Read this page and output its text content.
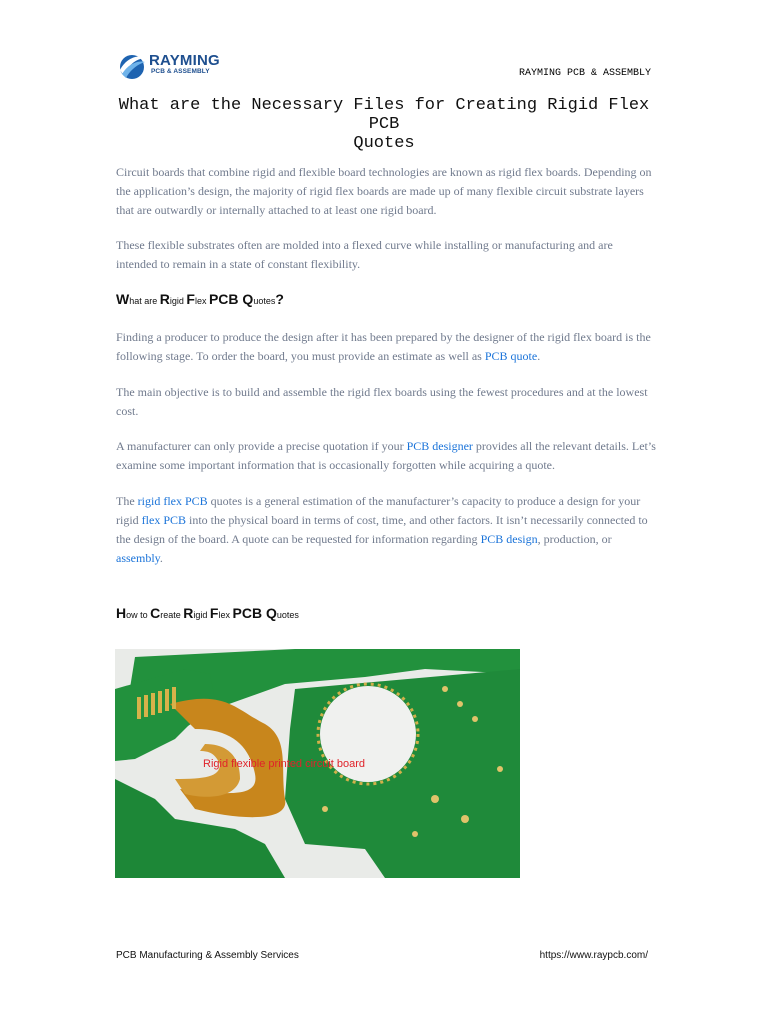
RAYMING
PCB & ASSEMBLY	RAYMING PCB & ASSEMBLY
What are the Necessary Files for Creating Rigid Flex PCB
Quotes

Circuit boards that combine rigid and flexible board technologies are known as rigid flex boards. Depending on the application’s design, the majority of rigid flex boards are made up of many flexible circuit substrate layers that are outwardly or internally attached to at least one rigid board.

These flexible substrates often are molded into a flexed curve while installing or manufacturing and are intended to remain in a state of constant flexibility.

What are Rigid Flex PCB Quotes?

Finding a producer to produce the design after it has been prepared by the designer of the rigid flex board is the following stage. To order the board, you must provide an estimate as well as PCB quote.

The main objective is to build and assemble the rigid flex boards using the fewest procedures and at the lowest cost.

A manufacturer can only provide a precise quotation if your PCB designer provides all the relevant details. Let’s examine some important information that is occasionally forgotten while acquiring a quote.

The rigid flex PCB quotes is a general estimation of the manufacturer’s capacity to produce a design for your rigid flex PCB into the physical board in terms of cost, time, and other factors. It isn’t necessarily connected to the design of the board. A quote can be requested for information regarding PCB design, production, or assembly.

How to Create Rigid Flex PCB Quotes
Rigid flexible printed circuit board
PCB Manufacturing & Assembly Services	https://www.raypcb.com/
